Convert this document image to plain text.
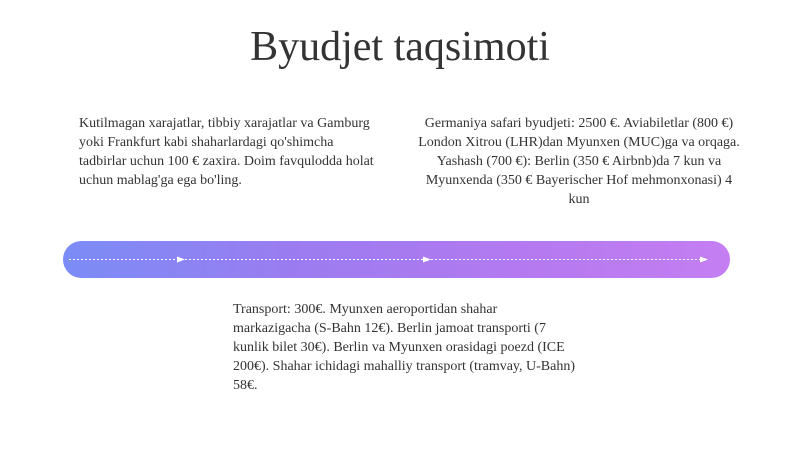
Byudjet taqsimoti
Kutilmagan xarajatlar, tibbiy xarajatlar va Gamburg yoki Frankfurt kabi shaharlardagi qo'shimcha tadbirlar uchun 100 € zaxira. Doim favqulodda holat uchun mablag'ga ega bo'ling.
Germaniya safari byudjeti: 2500 €. Aviabiletlar (800 €) London Xitrou (LHR)dan Myunxen (MUC)ga va orqaga. Yashash (700 €): Berlin (350 € Airbnb)da 7 kun va Myunxenda (350 € Bayerischer Hof mehmonxonasi) 4 kun
Transport: 300€. Myunxen aeroportidan shahar markazigacha (S-Bahn 12€). Berlin jamoat transporti (7 kunlik bilet 30€). Berlin va Myunxen orasidagi poezd (ICE 200€). Shahar ichidagi mahalliy transport (tramvay, U-Bahn) 58€.
